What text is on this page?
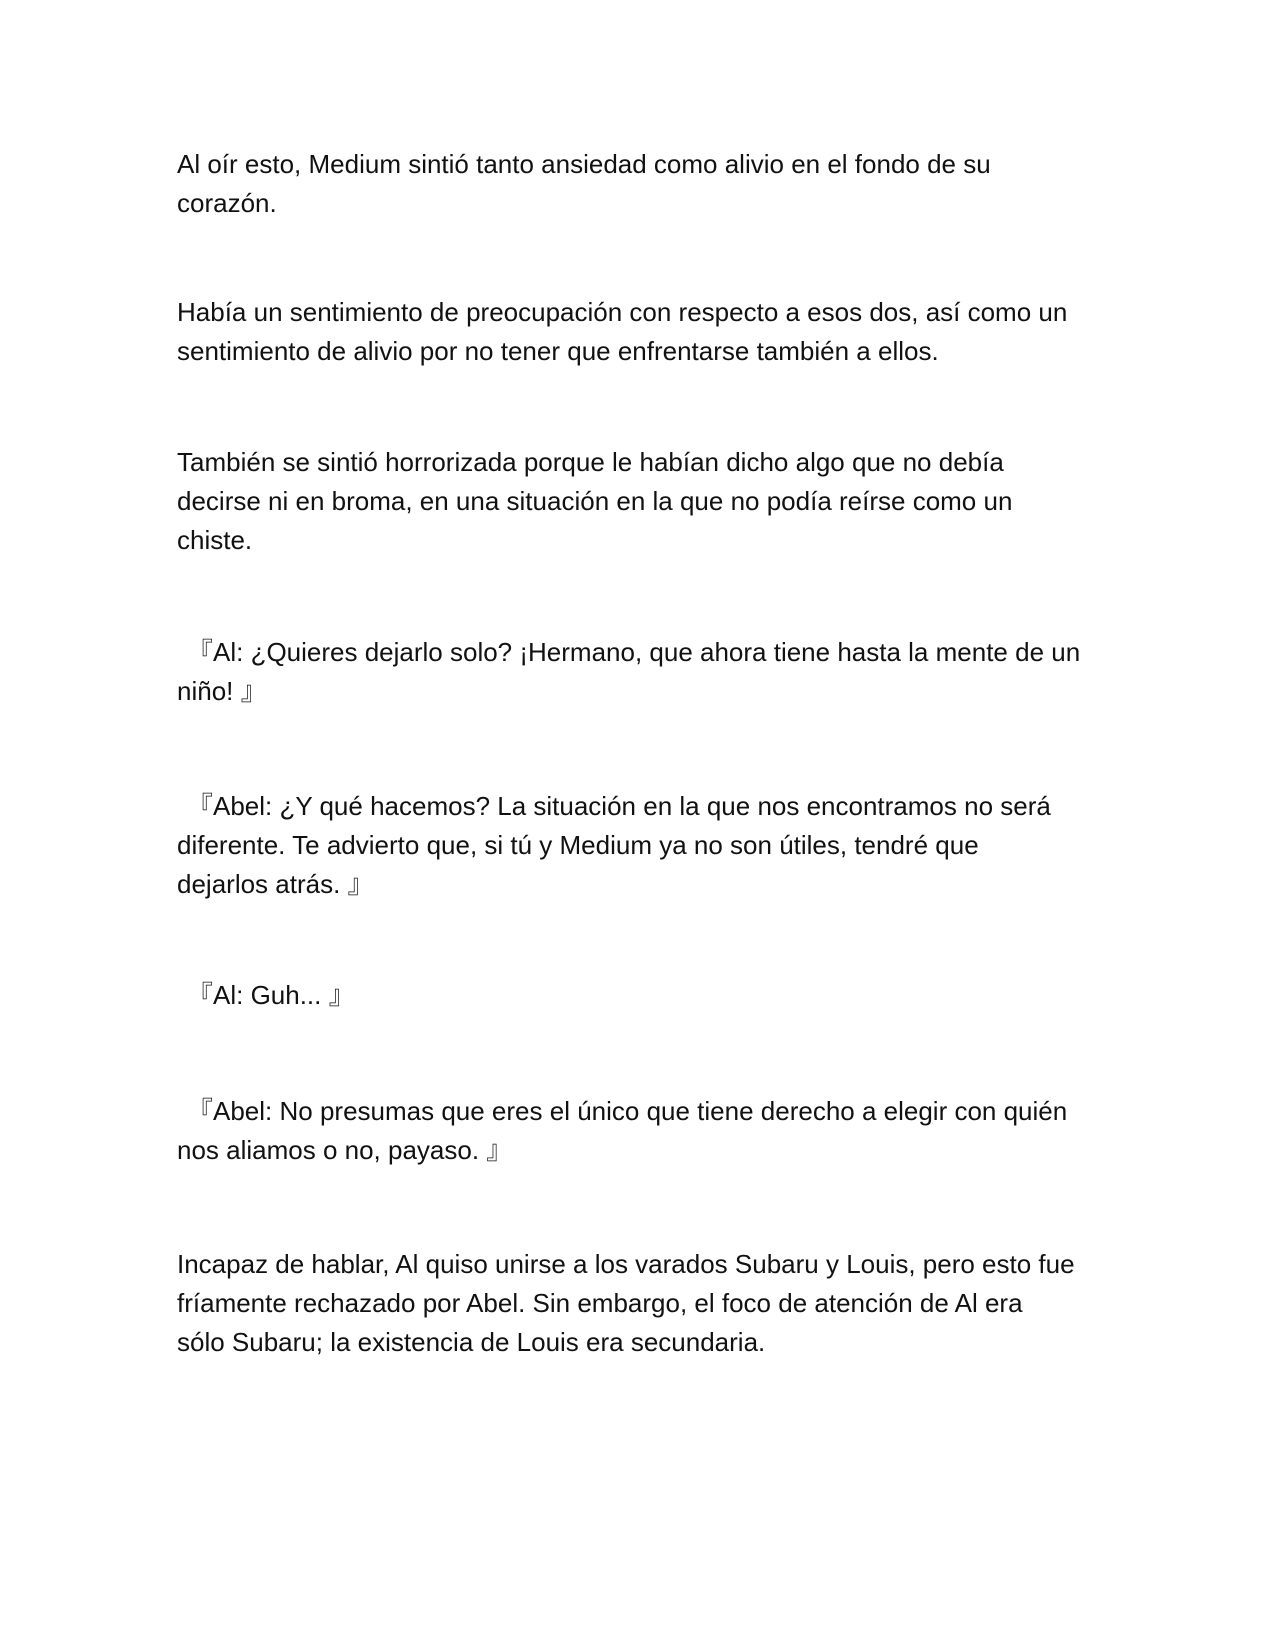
Al oír esto, Medium sintió tanto ansiedad como alivio en el fondo de su
corazón.
Había un sentimiento de preocupación con respecto a esos dos, así como un
sentimiento de alivio por no tener que enfrentarse también a ellos.
También se sintió horrorizada porque le habían dicho algo que no debía
decirse ni en broma, en una situación en la que no podía reírse como un
chiste.
『Al: ¿Quieres dejarlo solo? ¡Hermano, que ahora tiene hasta la mente de un
niño! 』
『Abel: ¿Y qué hacemos? La situación en la que nos encontramos no será
diferente. Te advierto que, si tú y Medium ya no son útiles, tendré que
dejarlos atrás. 』
『Al: Guh... 』
『Abel: No presumas que eres el único que tiene derecho a elegir con quién
nos aliamos o no, payaso. 』
Incapaz de hablar, Al quiso unirse a los varados Subaru y Louis, pero esto fue
fríamente rechazado por Abel. Sin embargo, el foco de atención de Al era
sólo Subaru; la existencia de Louis era secundaria.
